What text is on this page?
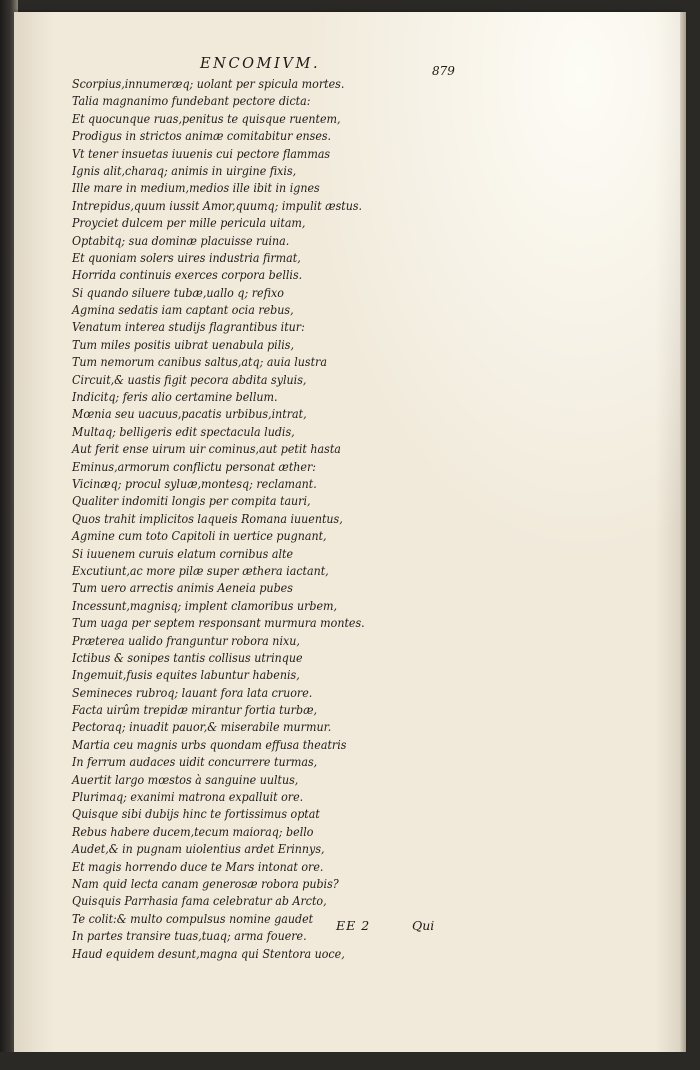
ENCOMIVM.	879
Scorpius,innumeræq; uolant per spicula mortes.
Talia magnanimo fundebant pectore dicta:
Et quocunque ruas,penitus te quisque ruentem,
Prodigus in strictos animæ comitabitur enses.
Vt tener insuetas iuuenis cui pectore flammas
Ignis alit,charaq; animis in uirgine fixis,
Ille mare in medium,medios ille ibit in ignes
Intrepidus,quum iussit Amor,quumq; impulit æstus.
Proyciet dulcem per mille pericula uitam,
Optabitq; sua dominæ placuisse ruina.
Et quoniam solers uires industria firmat,
Horrida continuis exerces corpora bellis.
Si quando siluere tubæ,uallo q; refixo
Agmina sedatis iam captant ocia rebus,
Venatum interea studijs flagrantibus itur:
Tum miles positis uibrat uenabula pilis,
Tum nemorum canibus saltus,atq; auia lustra
Circuit,& uastis figit pecora abdita syluis,
Indicitq; feris alio certamine bellum.
Mœnia seu uacuus,pacatis urbibus,intrat,
Multaq; belligeris edit spectacula ludis,
Aut ferit ense uirum uir cominus,aut petit hasta
Eminus,armorum conflictu personat æther:
Vicinæq; procul syluæ,montesq; reclamant.
Qualiter indomiti longis per compita tauri,
Quos trahit implicitos laqueis Romana iuuentus,
Agmine cum toto Capitoli in uertice pugnant,
Si iuuenem curuis elatum cornibus alte
Excutiunt,ac more pilæ super æthera iactant,
Tum uero arrectis animis Aeneia pubes
Incessunt,magnisq; implent clamoribus urbem,
Tum uaga per septem responsant murmura montes.
Præterea ualido franguntur robora nixu,
Ictibus & sonipes tantis collisus utrinque
Ingemuit,fusis equites labuntur habenis,
Semineces rubroq; lauant fora lata cruore.
Facta uirûm trepidæ mirantur fortia turbæ,
Pectoraq; inuadit pauor,& miserabile murmur.
Martia ceu magnis urbs quondam effusa theatris
In ferrum audaces uidit concurrere turmas,
Auertit largo mœstos à sanguine uultus,
Plurimaq; exanimi matrona expalluit ore.
Quisque sibi dubijs hinc te fortissimus optat
Rebus habere ducem,tecum maioraq; bello
Audet,& in pugnam uiolentius ardet Erinnys,
Et magis horrendo duce te Mars intonat ore.
Nam quid lecta canam generosæ robora pubis?
Quisquis Parrhasia fama celebratur ab Arcto,
Te colit:& multo compulsus nomine gaudet
In partes transire tuas,tuaq; arma fouere.
Haud equidem desunt,magna qui Stentora uoce,
EE 2	Qui
